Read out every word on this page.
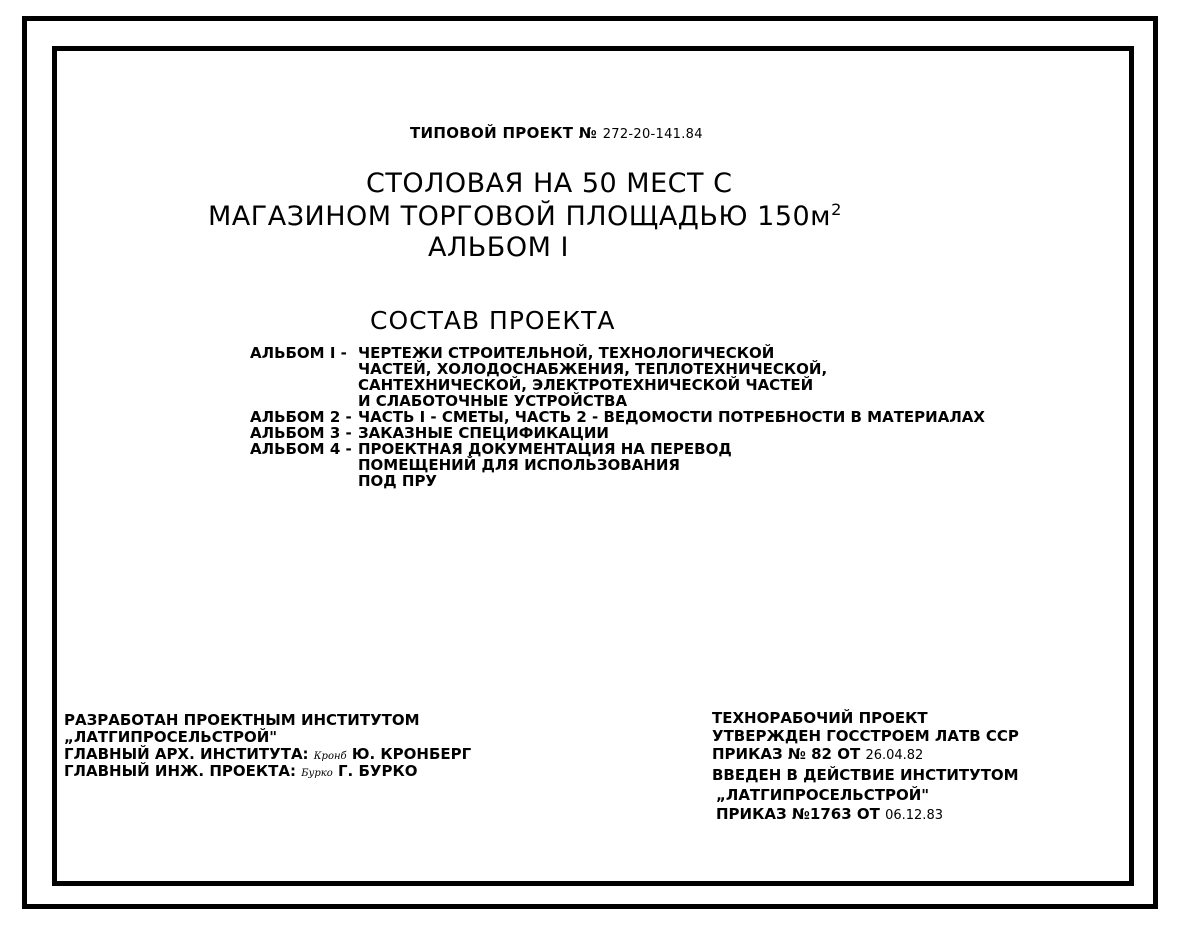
ТИПОВОЙ ПРОЕКТ № 272-20-141.84
СТОЛОВАЯ НА 50 МЕСТ С
МАГАЗИНОМ ТОРГОВОЙ ПЛОЩАДЬЮ $150м^2$
АЛЬБОМ I
СОСТАВ ПРОЕКТА
АЛЬБОМ I - ЧЕРТЕЖИ СТРОИТЕЛЬНОЙ, ТЕХНОЛОГИЧЕСКОЙ
ЧАСТЕЙ, ХОЛОДОСНАБЖЕНИЯ, ТЕПЛОТЕХНИЧЕСКОЙ,
САНТЕХНИЧЕСКОЙ, ЭЛЕКТРОТЕХНИЧЕСКОЙ ЧАСТЕЙ
И СЛАБОТОЧНЫЕ УСТРОЙСТВА
АЛЬБОМ 2 - ЧАСТЬ I - СМЕТЫ, ЧАСТЬ 2 - ВЕДОМОСТИ ПОТРЕБНОСТИ В МАТЕРИАЛАХ
АЛЬБОМ 3 - ЗАКАЗНЫЕ СПЕЦИФИКАЦИИ
АЛЬБОМ 4 - ПРОЕКТНАЯ ДОКУМЕНТАЦИЯ НА ПЕРЕВОД
ПОМЕЩЕНИЙ ДЛЯ ИСПОЛЬЗОВАНИЯ
ПОД ПРУ
РАЗРАБОТАН ПРОЕКТНЫМ ИНСТИТУТОМ
„ЛАТГИПРОСЕЛЬСТРОЙ"
ГЛАВНЫЙ АРХ. ИНСТИТУТА: Кронб Ю. КРОНБЕРГ
ГЛАВНЫЙ ИНЖ. ПРОЕКТА: Бурко Г. БУРКО
ТЕХНОРАБОЧИЙ ПРОЕКТ
УТВЕРЖДЕН ГОССТРОЕМ ЛАТВ ССР
ПРИКАЗ № 82 ОТ 26.04.82
ВВЕДЕН В ДЕЙСТВИЕ ИНСТИТУТОМ
„ЛАТГИПРОСЕЛЬСТРОЙ"
ПРИКАЗ №1763 ОТ 06.12.83
